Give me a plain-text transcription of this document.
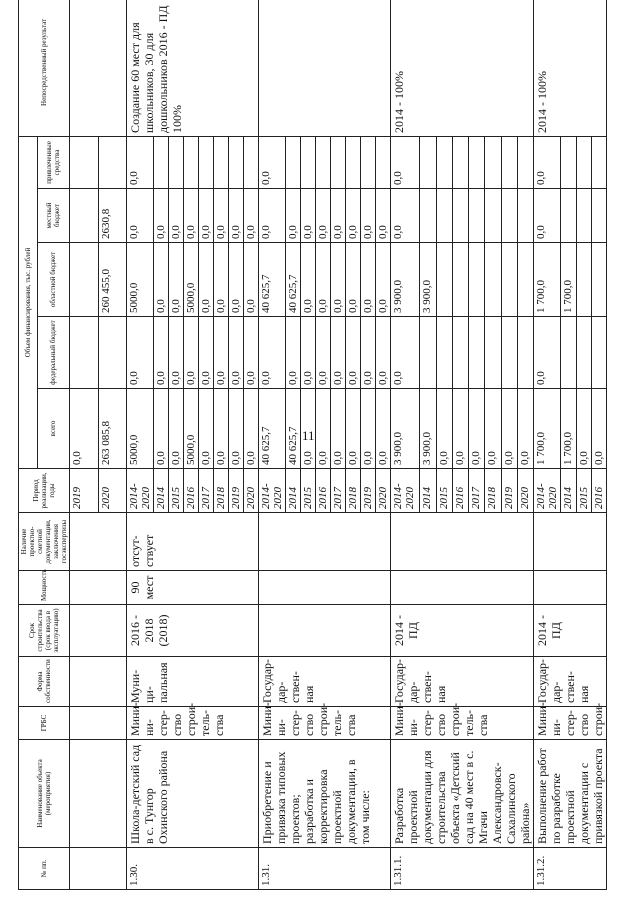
11
№ пп.	Наименование объекта (мероприятия)	ГРБС	Форма собственности	Срок строительства (срок ввода в эксплуатацию)	Мощность	Наличие проектно-сметной документации, заключения госэкспертизы	Период реализации, годы	Объем финансирования, тыс. рублей					Непосредственный результат
								всего	федеральный бюджет	областной бюджет	местный бюджет	привлеченные средства	
							2019	0,0					
							2020	263 085,8		260 455,0	2630,8		
1.30.	Школа-детский сад в с. Тунгор Охинского района	Мини-ни-стер-ство строи-тель-ства	Муни-ци-пальная	2016 - 2018 (2018)	90 мест	отсут-ствует	2014-2020	5000,0	0,0	5000,0	0,0	0,0	Создание 60 мест для школьников, 30 для дошкольников 2016 - ПД 100%
							2014	0,0	0,0	0,0	0,0		
							2015	0,0	0,0	0,0	0,0		
							2016	5000,0	0,0	5000,0	0,0		
							2017	0,0	0,0	0,0	0,0		
							2018	0,0	0,0	0,0	0,0		
							2019	0,0	0,0	0,0	0,0		
							2020	0,0	0,0	0,0	0,0		
1.31.	Приобретение и привязка типовых проектов; разработка и корректировка проектной документации, в том числе:	Мини-ни-стер-ство строи-тель-ства	Государ-дар-ствен-ная				2014-2020	40 625,7	0,0	40 625,7	0,0	0,0	
							2014	40 625,7	0,0	40 625,7	0,0		
							2015	0,0	0,0	0,0	0,0		
							2016	0,0	0,0	0,0	0,0		
							2017	0,0	0,0	0,0	0,0		
							2018	0,0	0,0	0,0	0,0		
							2019	0,0	0,0	0,0	0,0		
							2020	0,0	0,0	0,0	0,0		
1.31.1.	Разработка проектной документации для строительства объекта «Детский сад на 40 мест в с. Мгачи Александровск-Сахалинского района»	Мини-ни-стер-ство строи-тель-ства	Государ-дар-ствен-ная	2014 - ПД			2014-2020	3 900,0	0,0	3 900,0	0,0	0,0	2014 - 100%
							2014	3 900,0		3 900,0			
							2015	0,0					
							2016	0,0					
							2017	0,0					
							2018	0,0					
							2019	0,0					
							2020	0,0					
1.31.2.	Выполнение работ по разработке проектной документации с привязкой проекта	Мини-ни-стер-ство строи-	Государ-дар-ствен-ная	2014 - ПД			2014-2020	1 700,0	0,0	1 700,0	0,0	0,0	2014 - 100%
							2014	1 700,0		1 700,0			
							2015	0,0					
							2016	0,0					
